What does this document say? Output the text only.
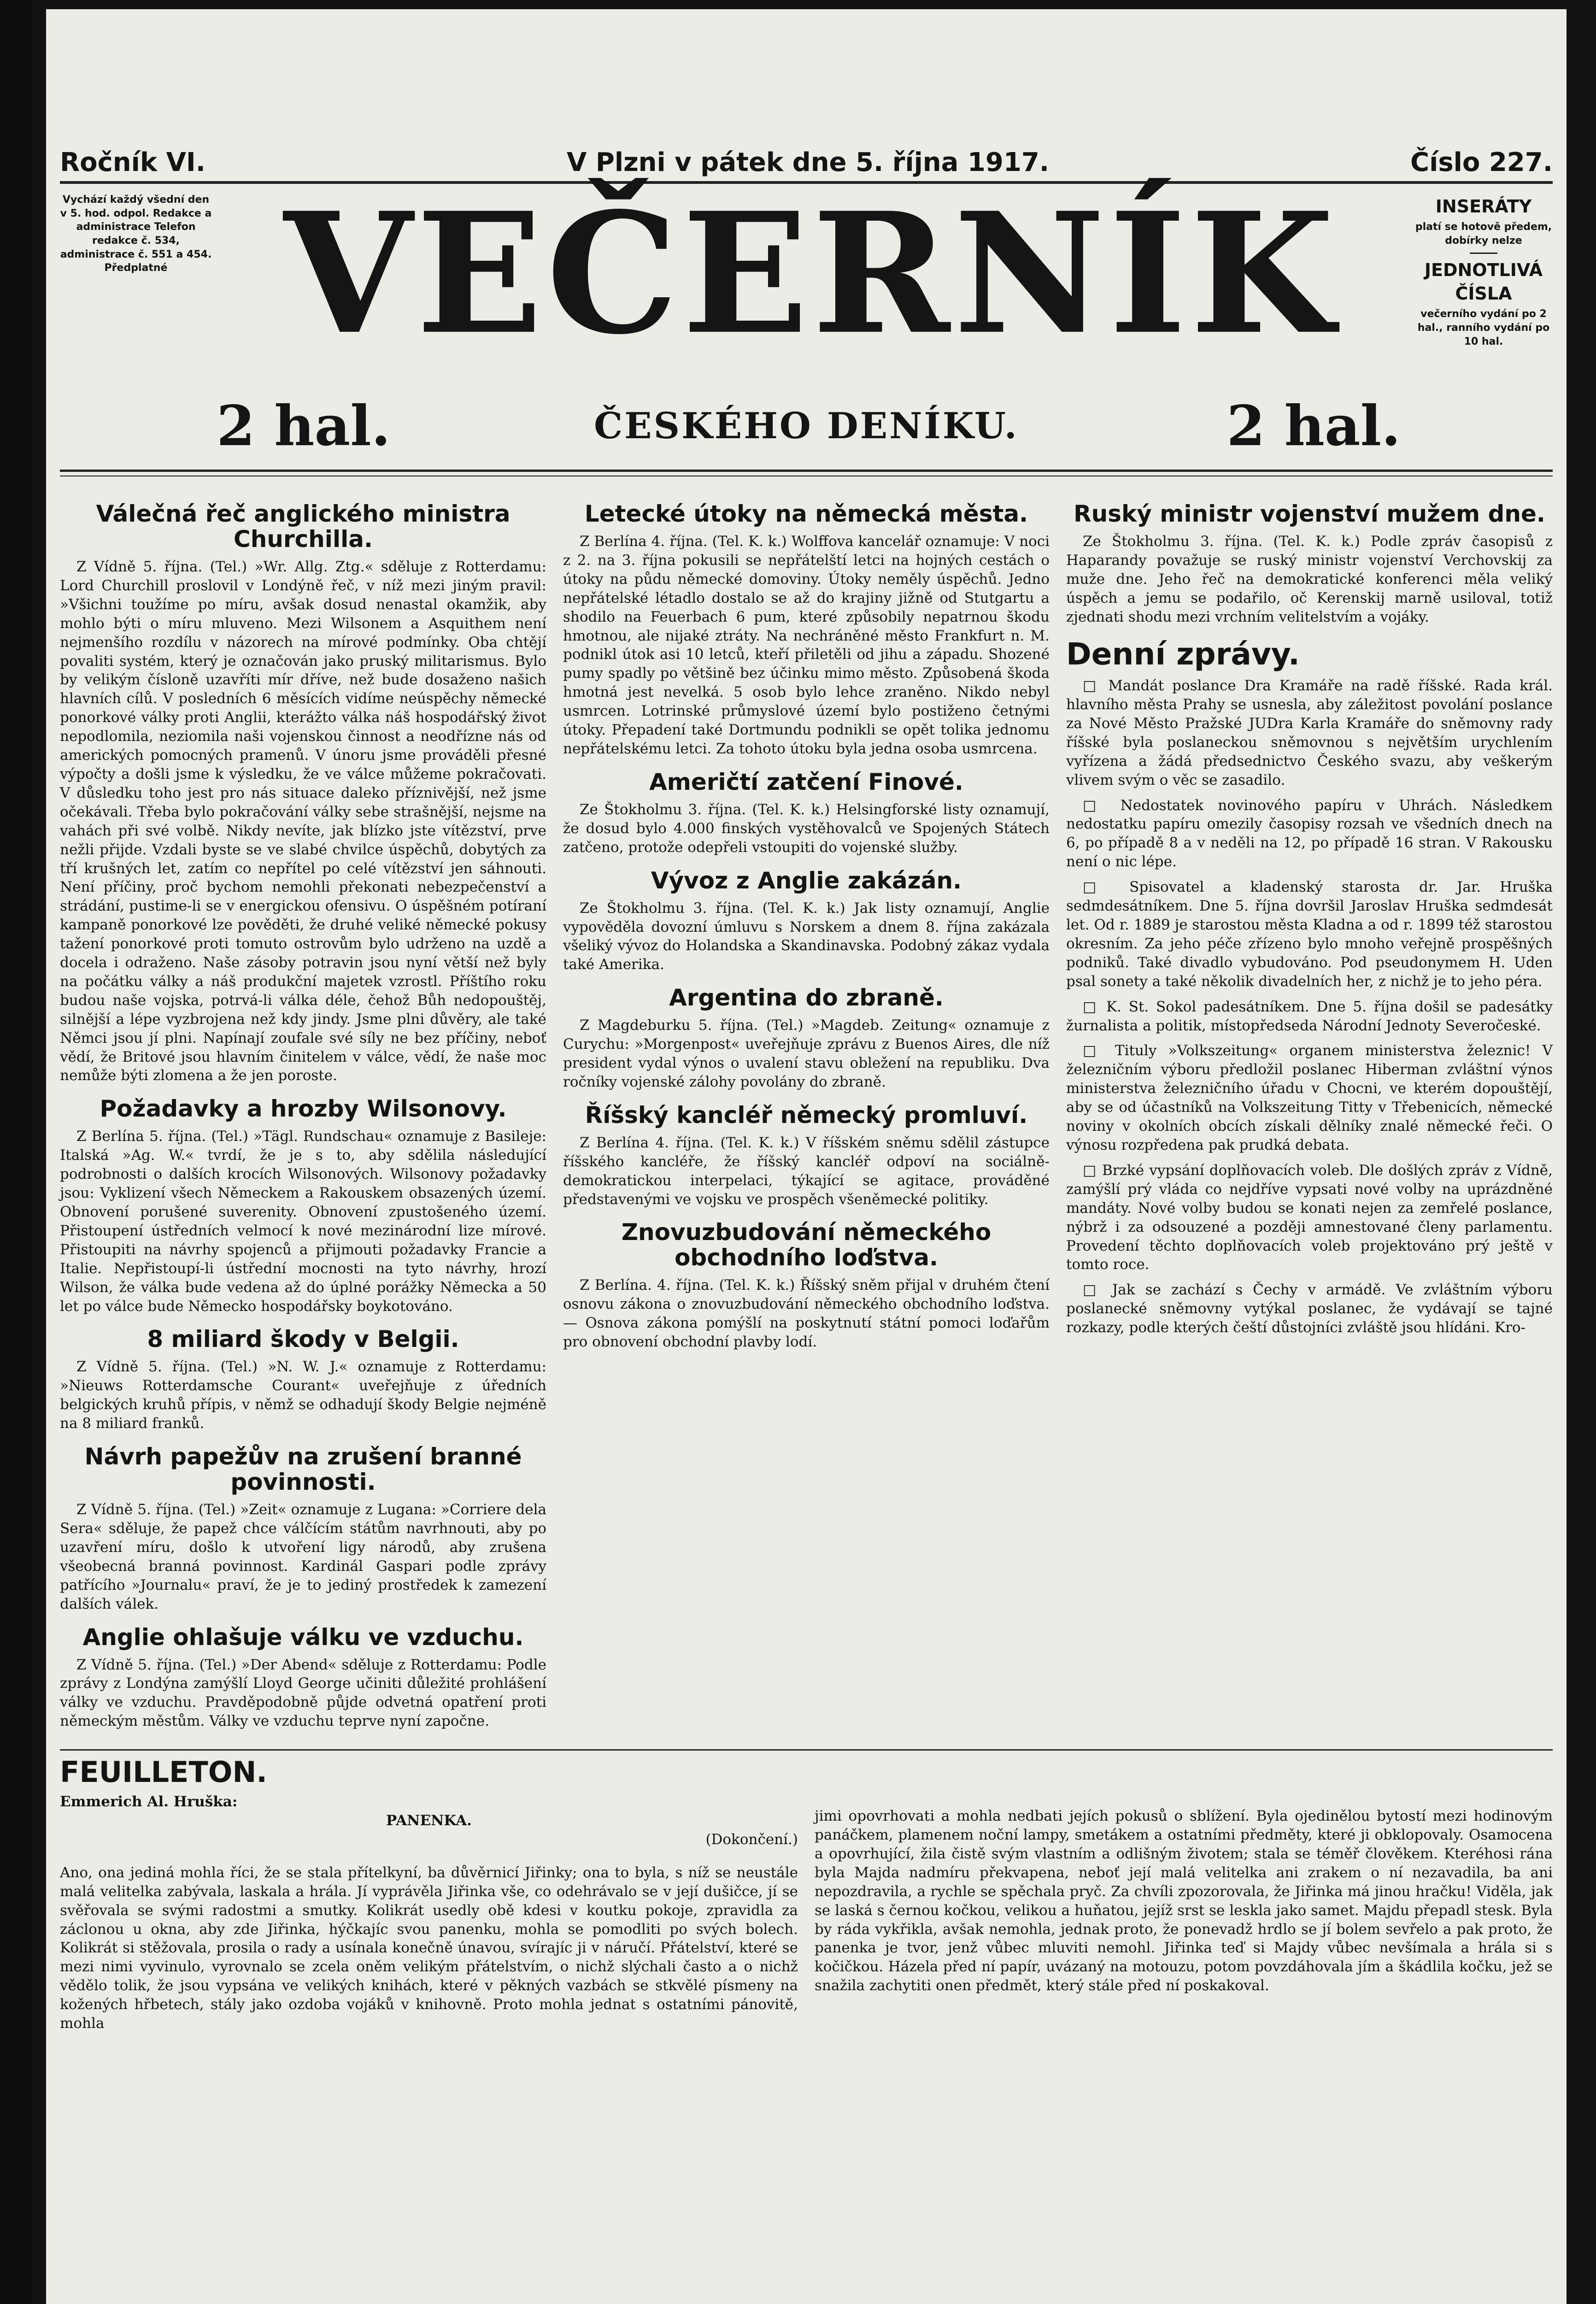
Ročník VI.	V Plzni v pátek dne 5. října 1917.	Číslo 227.
Vychází každý všední den v 5. hod. odpol. Redakce a administrace Telefon redakce č. 534, administrace č. 551 a 454. Předplatné VEČERNÍK
2 hal.	ČESKÉHO DENÍKU.	2 hal.
INSERÁTY
platí se hotově předem, dobírky nelze
JEDNOTLIVÁ ČÍSLA
večerního vydání po 2 hal., ranního vydání po 10 hal.
Válečná řeč anglického ministra Churchilla.

Z Vídně 5. října. (Tel.) »Wr. Allg. Ztg.« sděluje z Rotterdamu: Lord Churchill proslovil v Londýně řeč, v níž mezi jiným pravil: »Všichni toužíme po míru, avšak dosud nenastal okamžik, aby mohlo býti o míru mluveno. Mezi Wilsonem a Asquithem není nejmenšího rozdílu v názorech na mírové podmínky. Oba chtějí povaliti systém, který je označován jako pruský militarismus. Bylo by velikým čísloně uzavříti mír dříve, než bude dosaženo našich hlavních cílů. V posledních 6 měsících vidíme neúspěchy německé ponorkové války proti Anglii, kterážto válka náš hospodářský život nepodlomila, neziomila naši vojenskou činnost a neodřízne nás od amerických pomocných pramenů. V únoru jsme prováděli přesné výpočty a došli jsme k výsledku, že ve válce můžeme pokračovati. V důsledku toho jest pro nás situace daleko příznivější, než jsme očekávali. Třeba bylo pokračování války sebe strašnější, nejsme na vahách při své volbě. Nikdy nevíte, jak blízko jste vítězství, prve nežli přijde. Vzdali byste se ve slabé chvilce úspěchů, dobytých za tří krušných let, zatím co nepřítel po celé vítězství jen sáhnouti. Není příčiny, proč bychom nemohli překonati nebezpečenství a strádání, pustime-li se v energickou ofensivu. O úspěšném potíraní kampaně ponorkové lze pověděti, že druhé veliké německé pokusy tažení ponorkové proti tomuto ostrovům bylo udrženo na uzdě a docela i odraženo. Naše zásoby potravin jsou nyní větší než byly na počátku války a náš produkční majetek vzrostl. Příštího roku budou naše vojska, potrvá-li válka déle, čehož Bůh nedopouštěj, silnější a lépe vyzbrojena než kdy jindy. Jsme plni důvěry, ale také Němci jsou jí plni. Napínají zoufale své síly ne bez příčiny, neboť vědí, že Britové jsou hlavním činitelem v válce, vědí, že naše moc nemůže býti zlomena a že jen poroste.

Požadavky a hrozby Wilsonovy.

Z Berlína 5. října. (Tel.) »Tägl. Rundschau« oznamuje z Basileje: Italská »Ag. W.« tvrdí, že je s to, aby sdělila následující podrobnosti o dalších krocích Wilsonových. Wilsonovy požadavky jsou: Vyklizení všech Německem a Rakouskem obsazených území. Obnovení porušené suverenity. Obnovení zpustošeného území. Přistoupení ústředních velmocí k nové mezinárodní lize mírové. Přistoupiti na návrhy spojenců a přijmouti požadavky Francie a Italie. Nepřistoupí-li ústřední mocnosti na tyto návrhy, hrozí Wilson, že válka bude vedena až do úplné porážky Německa a 50 let po válce bude Německo hospodářsky boykotováno.

8 miliard škody v Belgii.

Z Vídně 5. října. (Tel.) »N. W. J.« oznamuje z Rotterdamu: »Nieuws Rotterdamsche Courant« uveřejňuje z úředních belgických kruhů přípis, v němž se odhadují škody Belgie nejméně na 8 miliard franků.

Návrh papežův na zrušení branné povinnosti.

Z Vídně 5. října. (Tel.) »Zeit« oznamuje z Lugana: »Corriere dela Sera« sděluje, že papež chce válčícím státům navrhnouti, aby po uzavření míru, došlo k utvoření ligy národů, aby zrušena všeobecná branná povinnost. Kardinál Gaspari podle zprávy patřícího »Journalu« praví, že je to jediný prostředek k zamezení dalších válek.

Anglie ohlašuje válku ve vzduchu.

Z Vídně 5. října. (Tel.) »Der Abend« sděluje z Rotterdamu: Podle zprávy z Londýna zamýšlí Lloyd George učiniti důležité prohlášení války ve vzduchu. Pravděpodobně půjde odvetná opatření proti německým městům. Války ve vzduchu teprve nyní započne.

Letecké útoky na německá města.

Z Berlína 4. října. (Tel. K. k.) Wolffova kancelář oznamuje: V noci z 2. na 3. října pokusili se nepřátelští letci na hojných cestách o útoky na půdu německé domoviny. Útoky neměly úspěchů. Jedno nepřátelské létadlo dostalo se až do krajiny jižně od Stutgartu a shodilo na Feuerbach 6 pum, které způsobily nepatrnou škodu hmotnou, ale nijaké ztráty. Na nechráněné město Frankfurt n. M. podnikl útok asi 10 letců, kteří přiletěli od jihu a západu. Shozené pumy spadly po většině bez účinku mimo město. Způsobená škoda hmotná jest nevelká. 5 osob bylo lehce zraněno. Nikdo nebyl usmrcen. Lotrinské průmyslové území bylo postiženo četnými útoky. Přepadení také Dortmundu podnikli se opět tolika jednomu nepřátelskému letci. Za tohoto útoku byla jedna osoba usmrcena.

Američtí zatčení Finové.

Ze Štokholmu 3. října. (Tel. K. k.) Helsingforské listy oznamují, že dosud bylo 4.000 finských vystěhovalců ve Spojených Státech zatčeno, protože odepřeli vstoupiti do vojenské služby.

Vývoz z Anglie zakázán.

Ze Štokholmu 3. října. (Tel. K. k.) Jak listy oznamují, Anglie vypověděla dovozní úmluvu s Norskem a dnem 8. října zakázala všeliký vývoz do Holandska a Skandinavska. Podobný zákaz vydala také Amerika.

Argentina do zbraně.

Z Magdeburku 5. října. (Tel.) »Magdeb. Zeitung« oznamuje z Curychu: »Morgenpost« uveřejňuje zprávu z Buenos Aires, dle níž president vydal výnos o uvalení stavu obležení na republiku. Dva ročníky vojenské zálohy povolány do zbraně.

Říšský kancléř německý promluví.

Z Berlína 4. října. (Tel. K. k.) V říšském sněmu sdělil zástupce říšského kancléře, že říšský kancléř odpoví na sociálně-demokratickou interpelaci, týkající se agitace, prováděné představenými ve vojsku ve prospěch všeněmecké politiky.

Znovuzbudování německého obchodního loďstva.

Z Berlína. 4. října. (Tel. K. k.) Říšský sněm přijal v druhém čtení osnovu zákona o znovuzbudování německého obchodního loďstva. — Osnova zákona pomýšlí na poskytnutí státní pomoci loďařům pro obnovení obchodní plavby lodí.

Ruský ministr vojenství mužem dne.

Ze Štokholmu 3. října. (Tel. K. k.) Podle zpráv časopisů z Haparandy považuje se ruský ministr vojenství Verchovskij za muže dne. Jeho řeč na demokratické konferenci měla veliký úspěch a jemu se podařilo, oč Kerenskij marně usiloval, totiž zjednati shodu mezi vrchním velitelstvím a vojáky.

Denní zprávy.

□ Mandát poslance Dra Kramáře na radě říšské. Rada král. hlavního města Prahy se usnesla, aby záležitost povolání poslance za Nové Město Pražské JUDra Karla Kramáře do sněmovny rady říšské byla poslaneckou sněmovnou s největším urychlením vyřízena a žádá předsednictvo Českého svazu, aby veškerým vlivem svým o věc se zasadilo.

□ Nedostatek novinového papíru v Uhrách. Následkem nedostatku papíru omezily časopisy rozsah ve všedních dnech na 6, po případě 8 a v neděli na 12, po případě 16 stran. V Rakousku není o nic lépe.

□ Spisovatel a kladenský starosta dr. Jar. Hruška sedmdesátníkem. Dne 5. října dovršil Jaroslav Hruška sedmdesát let. Od r. 1889 je starostou města Kladna a od r. 1899 též starostou okresním. Za jeho péče zřízeno bylo mnoho veřejně prospěšných podniků. Také divadlo vybudováno. Pod pseudonymem H. Uden psal sonety a také několik divadelních her, z nichž je to jeho péra.

□ K. St. Sokol padesátníkem. Dne 5. října došil se padesátky žurnalista a politik, místopředseda Národní Jednoty Severočeské.

□ Tituly »Volkszeitung« organem ministerstva železnic! V železničním výboru předložil poslanec Hiberman zvláštní výnos ministerstva železničního úřadu v Chocni, ve kterém dopouštějí, aby se od účastníků na Volkszeitung Titty v Třebenicích, německé noviny v okolních obcích získali dělníky znalé německé řeči. O výnosu rozpředena pak prudká debata.

□ Brzké vypsání doplňovacích voleb. Dle došlých zpráv z Vídně, zamýšlí prý vláda co nejdříve vypsati nové volby na uprázdněné mandáty. Nové volby budou se konati nejen za zemřelé poslance, nýbrž i za odsouzené a později amnestované členy parlamentu. Provedení těchto doplňovacích voleb projektováno prý ještě v tomto roce.

□ Jak se zachází s Čechy v armádě. Ve zvláštním výboru poslanecké sněmovny vytýkal poslanec, že vydávají se tajné rozkazy, podle kterých čeští důstojníci zvláště jsou hlídáni. Kro-

FEUILLETON.
Emmerich Al. Hruška:
PANENKA.
(Dokončení.)

Ano, ona jediná mohla říci, že se stala přítelkyní, ba důvěrnicí Jiřinky; ona to byla, s níž se neustále malá velitelka zabývala, laskala a hrála. Jí vyprávěla Jiřinka vše, co odehrávalo se v její dušičce, jí se svěřovala se svými radostmi a smutky. Kolikrát usedly obě kdesi v koutku pokoje, zpravidla za záclonou u okna, aby zde Jiřinka, hýčkajíc svou panenku, mohla se pomodliti po svých bolech. Kolikrát si stěžovala, prosila o rady a usínala konečně únavou, svírajíc ji v náručí. Přátelství, které se mezi nimi vyvinulo, vyrovnalo se zcela oněm velikým přátelstvím, o nichž slýchali často a o nichž vědělo tolik, že jsou vypsána ve velikých knihách, které v pěkných vazbách se stkvělé písmeny na kožených hřbetech, stály jako ozdoba vojáků v knihovně. Proto mohla jednat s ostatními pánovitě, mohla

jimi opovrhovati a mohla nedbati jejích pokusů o sblížení. Byla ojedinělou bytostí mezi hodinovým panáčkem, plamenem noční lampy, smetákem a ostatními předměty, které ji obklopovaly. Osamocena a opovrhující, žila čistě svým vlastním a odlišným životem; stala se téměř člověkem. Kteréhosi rána byla Majda nadmíru překvapena, neboť její malá velitelka ani zrakem o ní nezavadila, ba ani nepozdravila, a rychle se spěchala pryč. Za chvíli zpozorovala, že Jiřinka má jinou hračku! Viděla, jak se laská s černou kočkou, velikou a huňatou, jejíž srst se leskla jako samet. Majdu přepadl stesk. Byla by ráda vykřikla, avšak nemohla, jednak proto, že ponevadž hrdlo se jí bolem sevřelo a pak proto, že panenka je tvor, jenž vůbec mluviti nemohl. Jiřinka teď si Majdy vůbec nevšímala a hrála si s kočičkou. Házela před ní papír, uvázaný na motouzu, potom povzdáhovala jím a škádlila kočku, jež se snažila zachytiti onen předmět, který stále před ní poskakoval.
